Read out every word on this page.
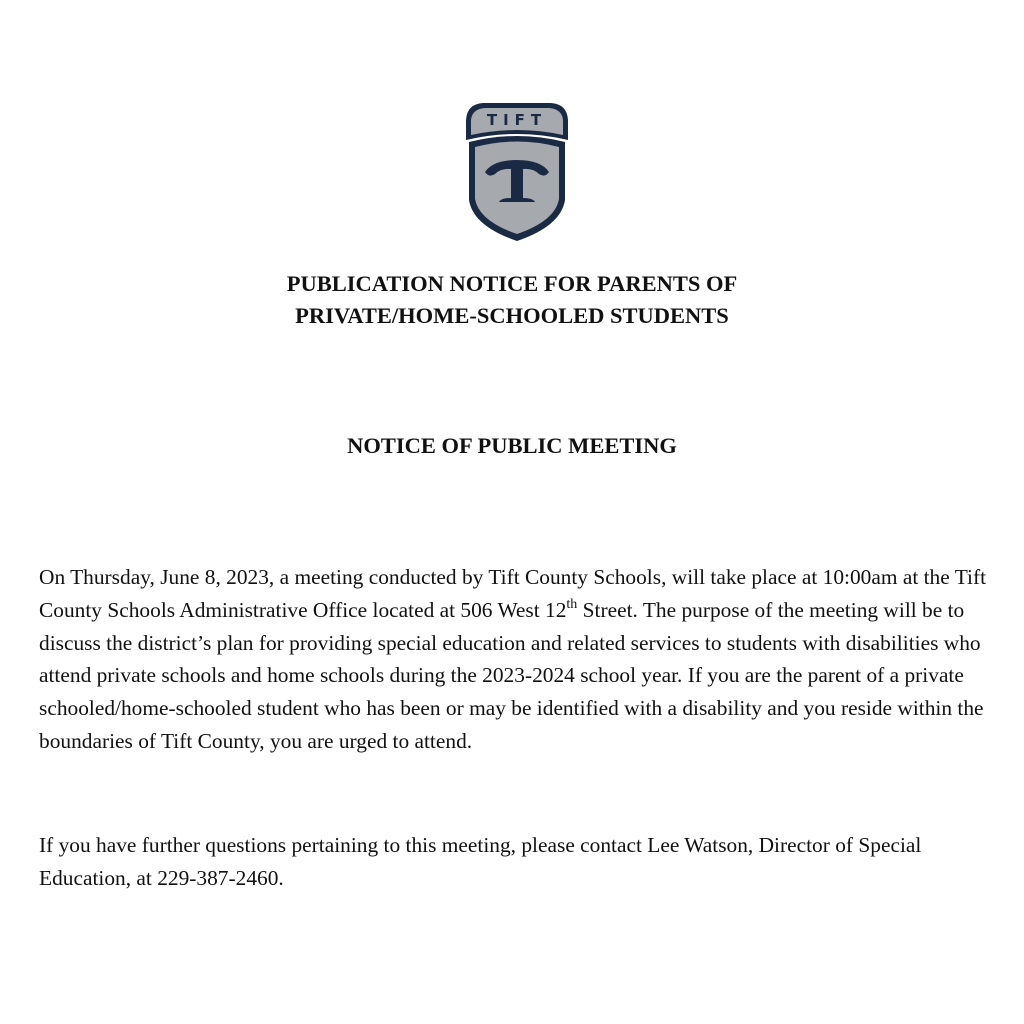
TIFT
PUBLICATION NOTICE FOR PARENTS OF
PRIVATE/HOME-SCHOOLED STUDENTS
NOTICE OF PUBLIC MEETING

On Thursday, June 8, 2023, a meeting conducted by Tift County Schools, will take place at 10:00am at the Tift County Schools Administrative Office located at 506 West 12th Street. The purpose of the meeting will be to discuss the district’s plan for providing special education and related services to students with disabilities who attend private schools and home schools during the 2023-2024 school year. If you are the parent of a private schooled/home-schooled student who has been or may be identified with a disability and you reside within the boundaries of Tift County, you are urged to attend.

If you have further questions pertaining to this meeting, please contact Lee Watson, Director of Special Education, at 229-387-2460.
